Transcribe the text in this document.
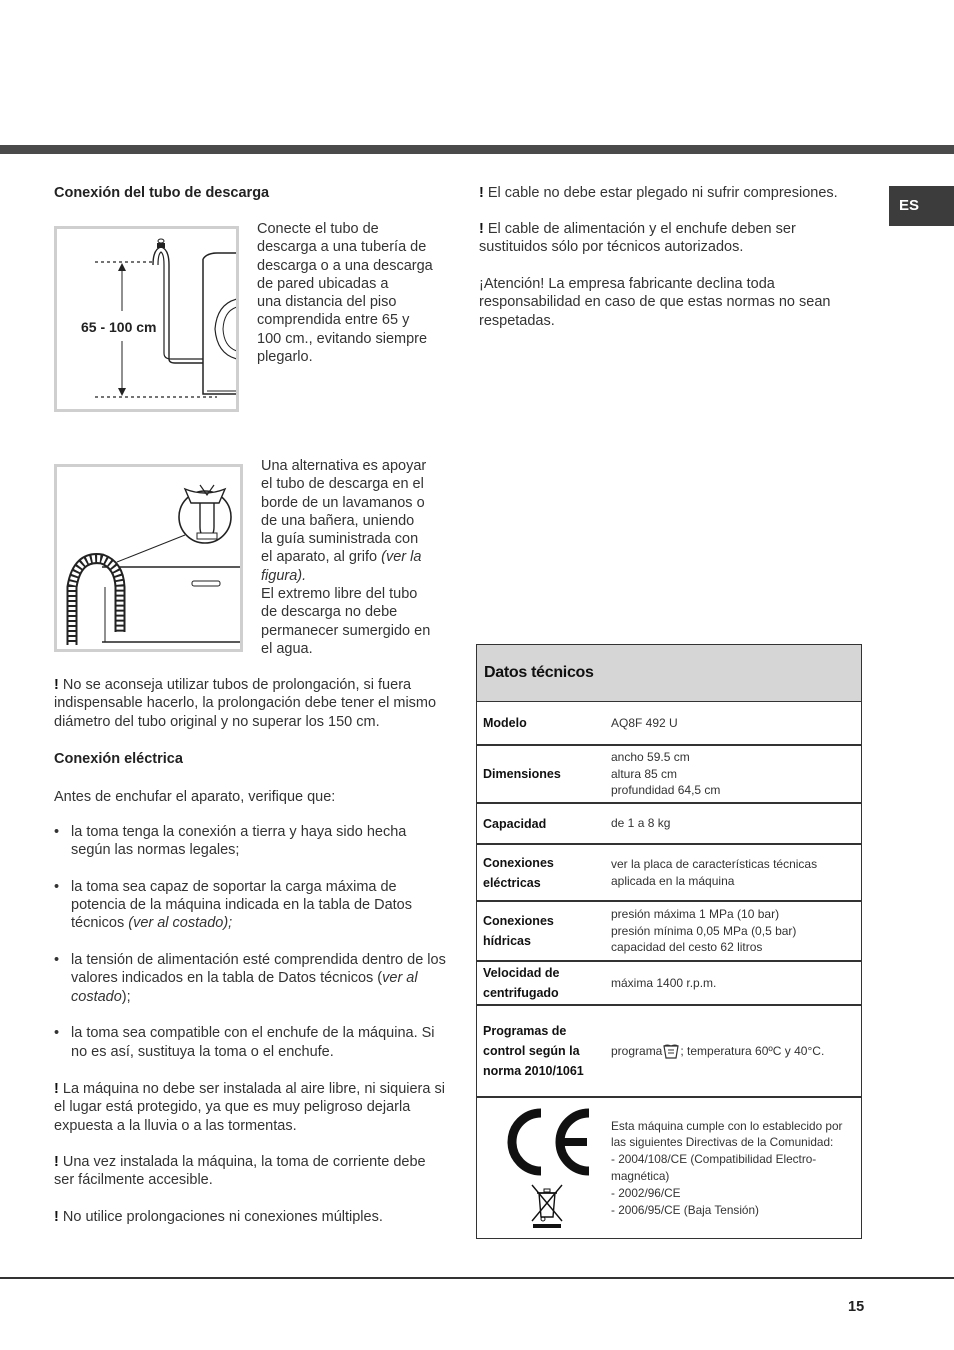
ES
Conexión del tubo de descarga
65 - 100 cm

Conecte el tubo de

descarga a una tubería de

descarga o a una descarga

de pared ubicadas a

una distancia del piso

comprendida entre 65 y

100 cm., evitando siempre

plegarlo.

Una alternativa es apoyar

el tubo de descarga en el

borde de un lavamanos o

de una bañera, uniendo

la guía suministrada con

el aparato, al grifo (ver la

figura).

El extremo libre del tubo

de descarga no debe

permanecer sumergido en

el agua.

! No se aconseja utilizar tubos de prolongación, si fuera indispensable hacerlo, la prolongación debe tener el mismo diámetro del tubo original y no superar los 150 cm.

Conexión eléctrica

Antes de enchufar el aparato, verifique que:

• la toma tenga la conexión a tierra y haya sido hecha según las normas legales;
• la toma sea capaz de soportar la carga máxima de potencia de la máquina indicada en la tabla de Datos técnicos (ver al costado);
• la tensión de alimentación esté comprendida dentro de los valores indicados en la tabla de Datos técnicos (ver al costado);
• la toma sea compatible con el enchufe de la máquina. Si no es así, sustituya la toma o el enchufe.

! La máquina no debe ser instalada al aire libre, ni siquiera si el lugar está protegido, ya que es muy peligroso dejarla expuesta a la lluvia o a las tormentas.

! Una vez instalada la máquina, la toma de corriente debe ser fácilmente accesible.

! No utilice prolongaciones ni conexiones múltiples.

! El cable no debe estar plegado ni sufrir compresiones.

! El cable de alimentación y el enchufe deben ser sustituidos sólo por técnicos autorizados.

¡Atención! La empresa fabricante declina toda responsabilidad en caso de que estas normas no sean respetadas.

Datos técnicos
Modelo	AQ8F 492 U
Dimensiones
ancho 59.5 cm
altura 85 cm
profundidad 64,5 cm
Capacidad	de 1 a 8 kg
Conexiones
eléctricas
ver la placa de características técnicas
aplicada en la máquina
Conexiones
hídricas
presión máxima 1 MPa (10 bar)
presión mínima 0,05 MPa (0,5 bar)
capacidad del cesto 62 litros
Velocidad de
centrifugado
máxima 1400 r.p.m.
Programas de
control según la
norma 2010/1061
programa ; temperatura 60ºC y 40°C.
Esta máquina cumple con lo establecido por
las siguientes Directivas de la Comunidad:
- 2004/108/CE (Compatibilidad Electro-
magnética)
- 2002/96/CE
- 2006/95/CE (Baja Tensión)
15
